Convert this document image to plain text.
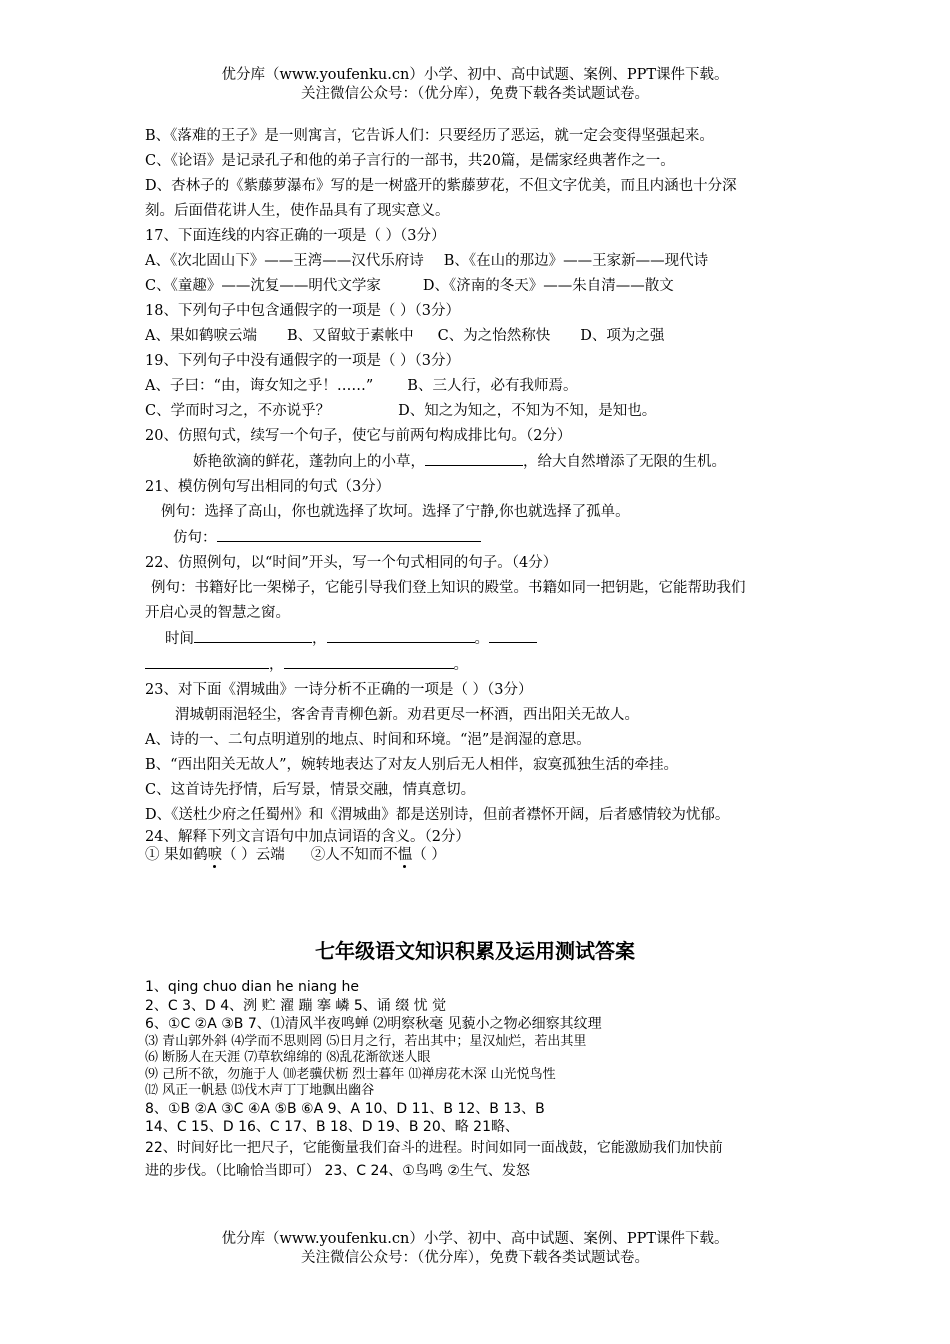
优分库（www.youfenku.cn）小学、初中、高中试题、案例、PPT课件下载。
关注微信公众号：（优分库），免费下载各类试题试卷。
B、《落难的王子》是一则寓言，它告诉人们：只要经历了恶运，就一定会变得坚强起来。
C、《论语》是记录孔子和他的弟子言行的一部书，共20篇，是儒家经典著作之一。
D、杏林子的《紫藤萝瀑布》写的是一树盛开的紫藤萝花，不但文字优美，而且内涵也十分深
刻。后面借花讲人生，使作品具有了现实意义。
17、下面连线的内容正确的一项是（ ）（3分）
A、《次北固山下》——王湾——汉代乐府诗 B、《在山的那边》——王家新——现代诗
C、《童趣》——沈复——明代文学家	D、《济南的冬天》——朱自清——散文
18、下列句子中包含通假字的一项是（ ）（3分）
A、果如鹤唳云端 B、又留蚊于素帐中 C、为之怡然称快 D、项为之强
19、下列句子中没有通假字的一项是（ ）（3分）
A、子曰：“由，诲女知之乎！……” B、三人行，必有我师焉。
C、学而时习之，不亦说乎？	D、知之为知之，不知为不知，是知也。
20、仿照句式，续写一个句子，使它与前两句构成排比句。（2分）
娇艳欲滴的鲜花，蓬勃向上的小草，	，给大自然增添了无限的生机。
21、模仿例句写出相同的句式（3分）
例句：选择了高山，你也就选择了坎坷。选择了宁静,你也就选择了孤单。
仿句：
22、仿照例句，以“时间”开头，写一个句式相同的句子。（4分）
例句：书籍好比一架梯子，它能引导我们登上知识的殿堂。书籍如同一把钥匙，它能帮助我们
开启心灵的智慧之窗。
时间	，	。
，	。
23、对下面《渭城曲》一诗分析不正确的一项是（ ）（3分）
渭城朝雨浥轻尘，客舍青青柳色新。劝君更尽一杯酒，西出阳关无故人。
A、诗的一、二句点明道别的地点、时间和环境。“浥”是润湿的意思。
B、“西出阳关无故人”，婉转地表达了对友人别后无人相伴，寂寞孤独生活的牵挂。
C、这首诗先抒情，后写景，情景交融，情真意切。
D、《送杜少府之任蜀州》和《渭城曲》都是送别诗，但前者襟怀开阔，后者感情较为忧郁。
24、解释下列文言语句中加点词语的含义。（2分）
① 果如鹤唳（ ）云端 ②人不知而不愠（ ）
七年级语文知识积累及运用测试答案
1、qing chuo dian he niang he
2、C 3、D 4、洌 贮 濯 蹦 搴 嶙 5、诵 缀 忧 觉
6、①C ②A ③B 7、⑴清风半夜鸣蝉 ⑵明察秋毫 见藐小之物必细察其纹理
⑶ 青山郭外斜 ⑷学而不思则罔 ⑸日月之行，若出其中；星汉灿烂，若出其里
⑹ 断肠人在天涯 ⑺草软绵绵的 ⑻乱花渐欲迷人眼
⑼ 己所不欲，勿施于人 ⑽老骥伏枥 烈士暮年 ⑾禅房花木深 山光悦鸟性
⑿ 风正一帆悬 ⒀伐木声丁丁地飘出幽谷
8、①B ②A ③C ④A ⑤B ⑥A 9、A 10、D 11、B 12、B 13、B
14、C 15、D 16、C 17、B 18、D 19、B 20、略 21略、
22、时间好比一把尺子，它能衡量我们奋斗的进程。时间如同一面战鼓，它能激励我们加快前
进的步伐。（比喻恰当即可） 23、C 24、①鸟鸣 ②生气、发怒
优分库（www.youfenku.cn）小学、初中、高中试题、案例、PPT课件下载。
关注微信公众号：（优分库），免费下载各类试题试卷。
